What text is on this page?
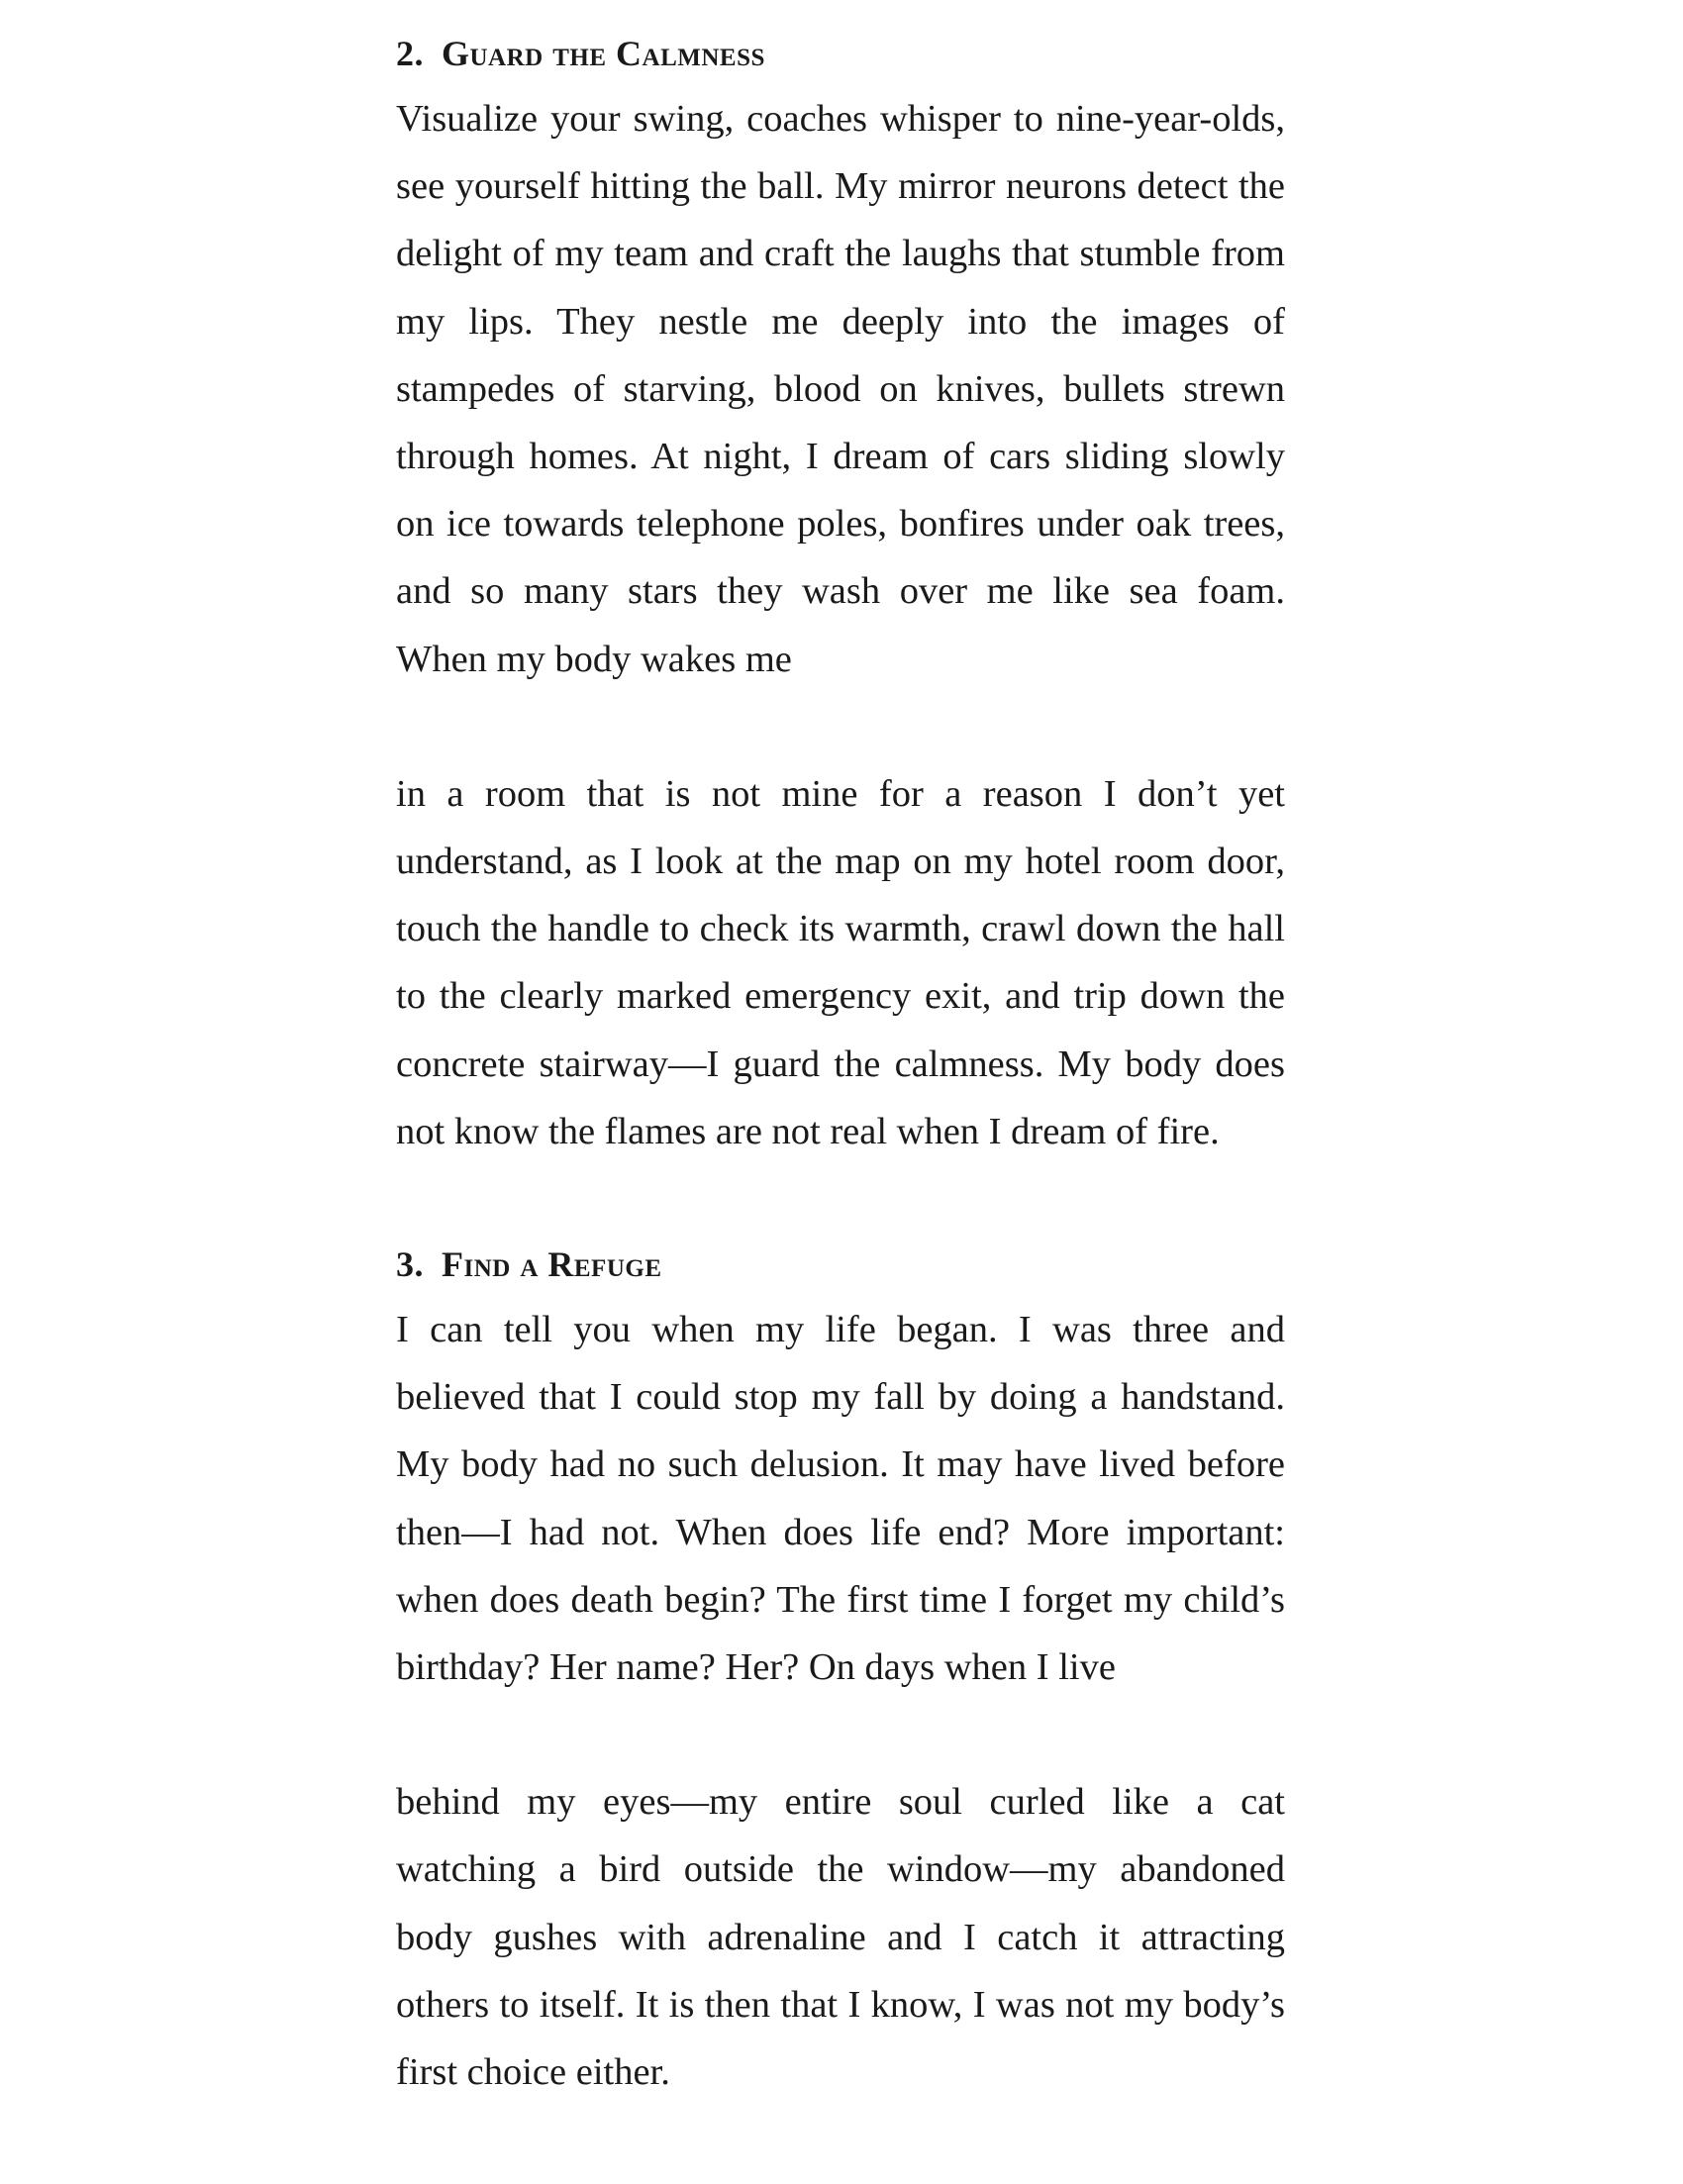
2. Guard the Calmness

Visualize your swing, coaches whisper to nine-year-olds, see yourself hitting the ball. My mirror neurons detect the delight of my team and craft the laughs that stumble from my lips. They nestle me deeply into the images of stampedes of starving, blood on knives, bullets strewn through homes. At night, I dream of cars sliding slowly on ice towards telephone poles, bonfires under oak trees, and so many stars they wash over me like sea foam. When my body wakes me

in a room that is not mine for a reason I don’t yet understand, as I look at the map on my hotel room door, touch the handle to check its warmth, crawl down the hall to the clearly marked emergency exit, and trip down the concrete stairway—I guard the calmness. My body does not know the flames are not real when I dream of fire.

3. Find a Refuge

I can tell you when my life began. I was three and believed that I could stop my fall by doing a handstand. My body had no such delusion. It may have lived before then—I had not. When does life end? More important: when does death begin? The first time I forget my child’s birthday? Her name? Her? On days when I live

behind my eyes—my entire soul curled like a cat watching a bird outside the window—my abandoned body gushes with adrenaline and I catch it attracting others to itself. It is then that I know, I was not my body’s first choice either.
